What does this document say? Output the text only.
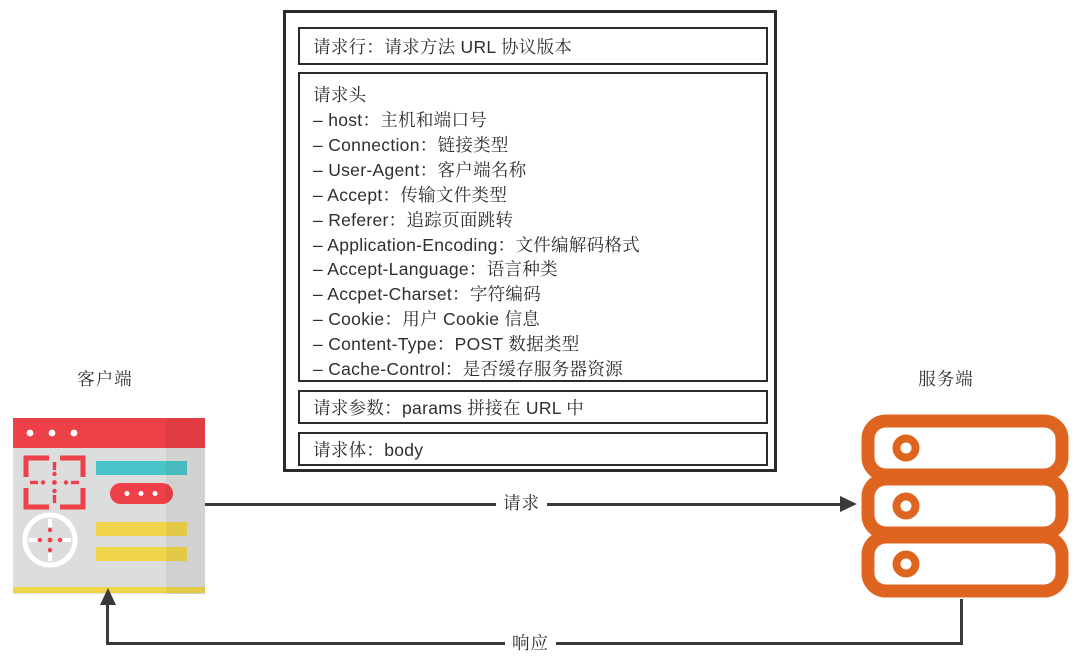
请求行：请求方法 URL 协议版本
请求头
– host：主机和端口号
– Connection：链接类型
– User-Agent：客户端名称
– Accept：传输文件类型
– Referer：追踪页面跳转
– Application-Encoding：文件编解码格式
– Accept-Language：语言种类
– Accpet-Charset：字符编码
– Cookie：用户 Cookie 信息
– Content-Type：POST 数据类型
– Cache-Control：是否缓存服务器资源
请求参数：params 拼接在 URL 中
请求体：body
客户端	服务端
请求
响应
